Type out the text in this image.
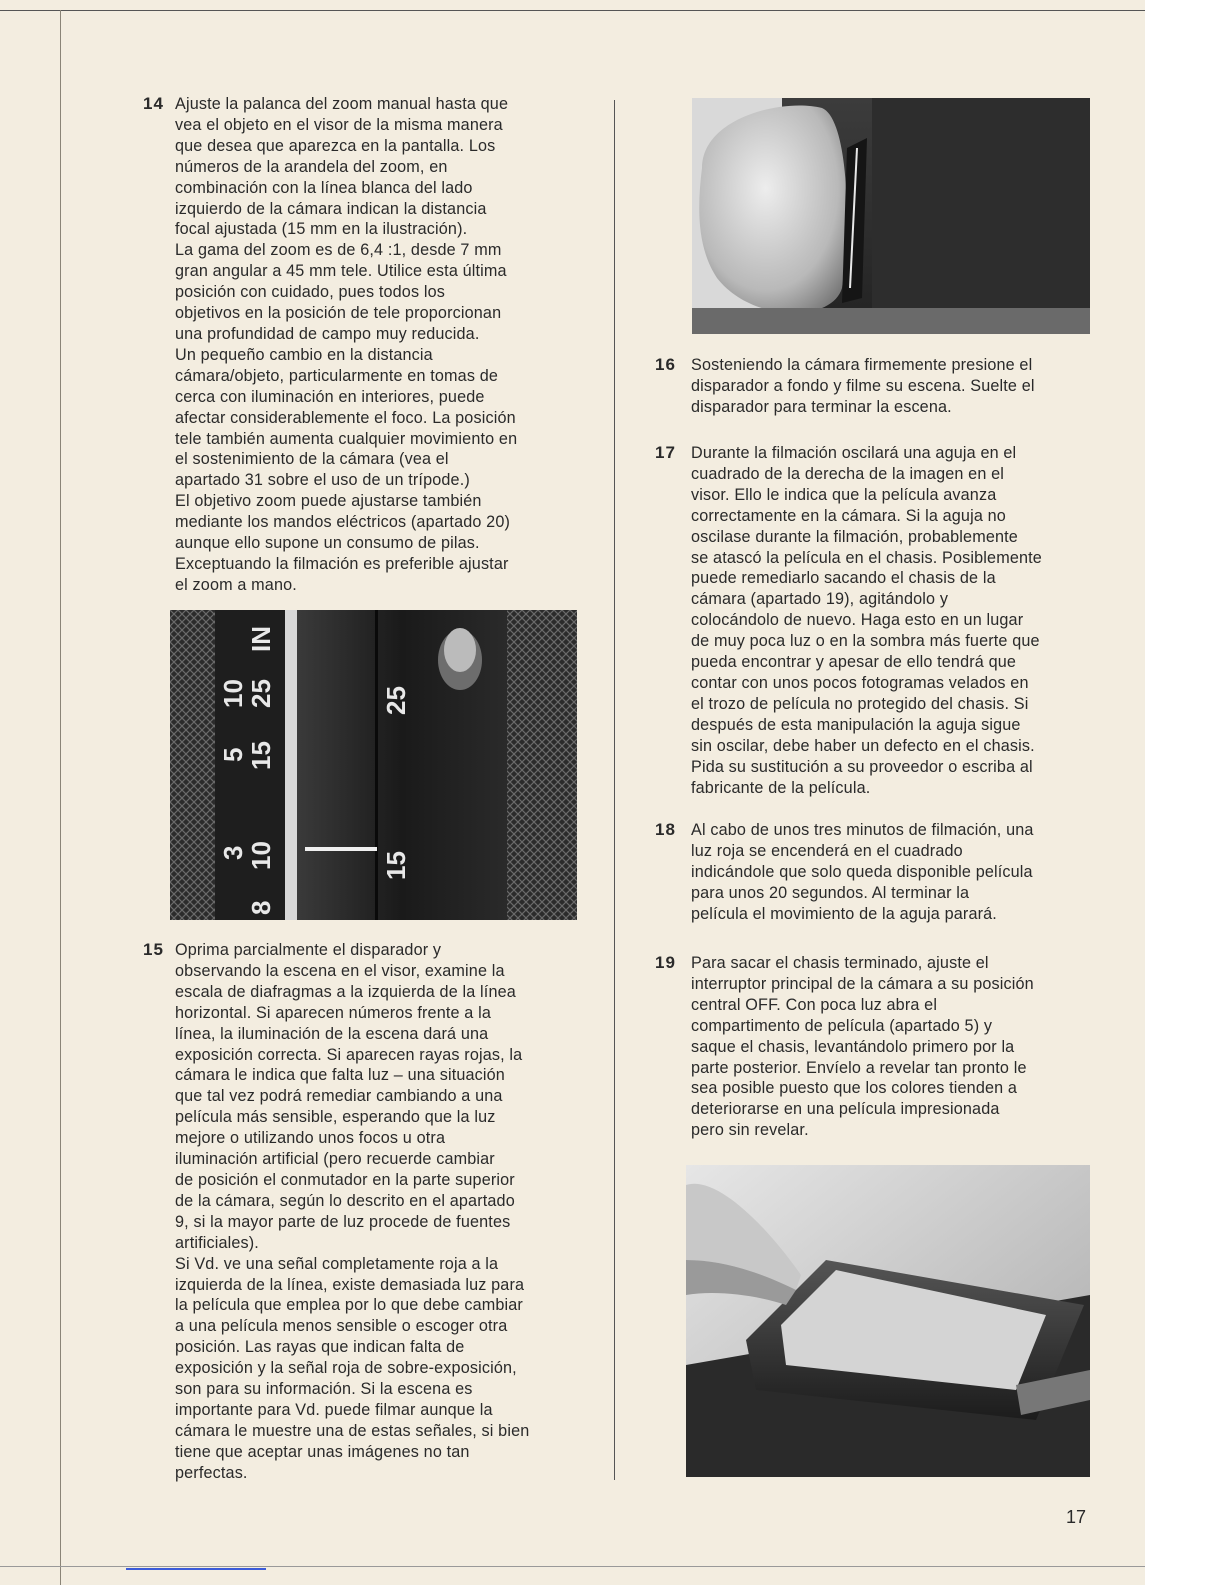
14 Ajuste la palanca del zoom manual hasta que
vea el objeto en el visor de la misma manera
que desea que aparezca en la pantalla. Los
números de la arandela del zoom, en
combinación con la línea blanca del lado
izquierdo de la cámara indican la distancia
focal ajustada (15 mm en la ilustración).
La gama del zoom es de 6,4 :1, desde 7 mm
gran angular a 45 mm tele. Utilice esta última
posición con cuidado, pues todos los
objetivos en la posición de tele proporcionan
una profundidad de campo muy reducida.
Un pequeño cambio en la distancia
cámara/objeto, particularmente en tomas de
cerca con iluminación en interiores, puede
afectar considerablemente el foco. La posición
tele también aumenta cualquier movimiento en
el sostenimiento de la cámara (vea el
apartado 31 sobre el uso de un trípode.)
El objetivo zoom puede ajustarse también
mediante los mandos eléctricos (apartado 20)
aunque ello supone un consumo de pilas.
Exceptuando la filmación es preferible ajustar
el zoom a mano.

IN
10
5
3
8
25
15
10
25
15
15 Oprima parcialmente el disparador y
observando la escena en el visor, examine la
escala de diafragmas a la izquierda de la línea
horizontal. Si aparecen números frente a la
línea, la iluminación de la escena dará una
exposición correcta. Si aparecen rayas rojas, la
cámara le indica que falta luz – una situación
que tal vez podrá remediar cambiando a una
película más sensible, esperando que la luz
mejore o utilizando unos focos u otra
iluminación artificial (pero recuerde cambiar
de posición el conmutador en la parte superior
de la cámara, según lo descrito en el apartado
9, si la mayor parte de luz procede de fuentes
artificiales).
Si Vd. ve una señal completamente roja a la
izquierda de la línea, existe demasiada luz para
la película que emplea por lo que debe cambiar
a una película menos sensible o escoger otra
posición. Las rayas que indican falta de
exposición y la señal roja de sobre-exposición,
son para su información. Si la escena es
importante para Vd. puede filmar aunque la
cámara le muestre una de estas señales, si bien
tiene que aceptar unas imágenes no tan
perfectas.

16 Sosteniendo la cámara firmemente presione el
disparador a fondo y filme su escena. Suelte el
disparador para terminar la escena.

17 Durante la filmación oscilará una aguja en el
cuadrado de la derecha de la imagen en el
visor. Ello le indica que la película avanza
correctamente en la cámara. Si la aguja no
oscilase durante la filmación, probablemente
se atascó la película en el chasis. Posiblemente
puede remediarlo sacando el chasis de la
cámara (apartado 19), agitándolo y
colocándolo de nuevo. Haga esto en un lugar
de muy poca luz o en la sombra más fuerte que
pueda encontrar y apesar de ello tendrá que
contar con unos pocos fotogramas velados en
el trozo de película no protegido del chasis. Si
después de esta manipulación la aguja sigue
sin oscilar, debe haber un defecto en el chasis.
Pida su sustitución a su proveedor o escriba al
fabricante de la película.

18 Al cabo de unos tres minutos de filmación, una
luz roja se encenderá en el cuadrado
indicándole que solo queda disponible película
para unos 20 segundos. Al terminar la
película el movimiento de la aguja parará.

19 Para sacar el chasis terminado, ajuste el
interruptor principal de la cámara a su posición
central OFF. Con poca luz abra el
compartimento de película (apartado 5) y
saque el chasis, levantándolo primero por la
parte posterior. Envíelo a revelar tan pronto le
sea posible puesto que los colores tienden a
deteriorarse en una película impresionada
pero sin revelar.

17
